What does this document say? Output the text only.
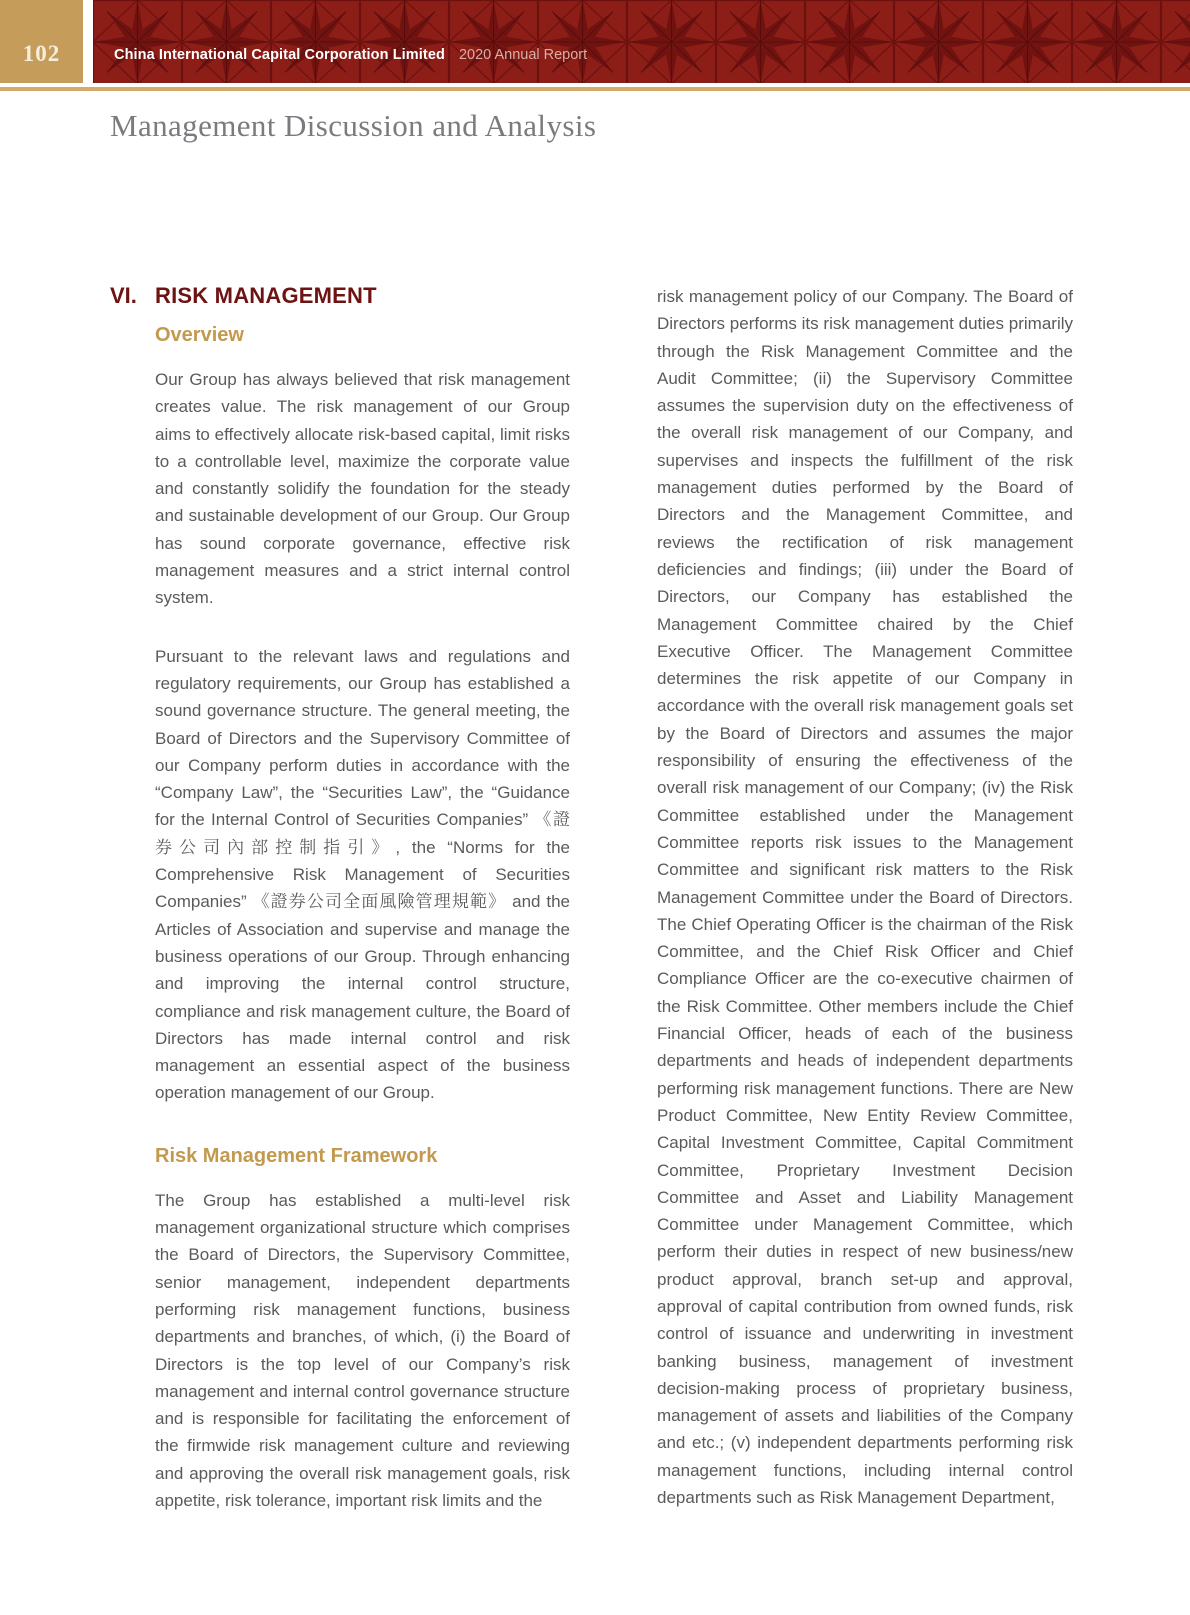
102	China International Capital Corporation Limited 2020 Annual Report
Management Discussion and Analysis
VI. RISK MANAGEMENT
Overview

Our Group has always believed that risk management creates value. The risk management of our Group aims to effectively allocate risk-based capital, limit risks to a controllable level, maximize the corporate value and constantly solidify the foundation for the steady and sustainable development of our Group. Our Group has sound corporate governance, effective risk management measures and a strict internal control system.

Pursuant to the relevant laws and regulations and regulatory requirements, our Group has established a sound governance structure. The general meeting, the Board of Directors and the Supervisory Committee of our Company perform duties in accordance with the “Company Law”, the “Securities Law”, the “Guidance for the Internal Control of Securities Companies” 《證券公司內部控制指引》, the “Norms for the Comprehensive Risk Management of Securities Companies” 《證券公司全面風險管理規範》 and the Articles of Association and supervise and manage the business operations of our Group. Through enhancing and improving the internal control structure, compliance and risk management culture, the Board of Directors has made internal control and risk management an essential aspect of the business operation management of our Group.

Risk Management Framework

The Group has established a multi-level risk management organizational structure which comprises the Board of Directors, the Supervisory Committee, senior management, independent departments performing risk management functions, business departments and branches, of which, (i) the Board of Directors is the top level of our Company’s risk management and internal control governance structure and is responsible for facilitating the enforcement of the firmwide risk management culture and reviewing and approving the overall risk management goals, risk appetite, risk tolerance, important risk limits and the

risk management policy of our Company. The Board of Directors performs its risk management duties primarily through the Risk Management Committee and the Audit Committee; (ii) the Supervisory Committee assumes the supervision duty on the effectiveness of the overall risk management of our Company, and supervises and inspects the fulfillment of the risk management duties performed by the Board of Directors and the Management Committee, and reviews the rectification of risk management deficiencies and findings; (iii) under the Board of Directors, our Company has established the Management Committee chaired by the Chief Executive Officer. The Management Committee determines the risk appetite of our Company in accordance with the overall risk management goals set by the Board of Directors and assumes the major responsibility of ensuring the effectiveness of the overall risk management of our Company; (iv) the Risk Committee established under the Management Committee reports risk issues to the Management Committee and significant risk matters to the Risk Management Committee under the Board of Directors. The Chief Operating Officer is the chairman of the Risk Committee, and the Chief Risk Officer and Chief Compliance Officer are the co-executive chairmen of the Risk Committee. Other members include the Chief Financial Officer, heads of each of the business departments and heads of independent departments performing risk management functions. There are New Product Committee, New Entity Review Committee, Capital Investment Committee, Capital Commitment Committee, Proprietary Investment Decision Committee and Asset and Liability Management Committee under Management Committee, which perform their duties in respect of new business/new product approval, branch set-up and approval, approval of capital contribution from owned funds, risk control of issuance and underwriting in investment banking business, management of investment decision-making process of proprietary business, management of assets and liabilities of the Company and etc.; (v) independent departments performing risk management functions, including internal control departments such as Risk Management Department,
